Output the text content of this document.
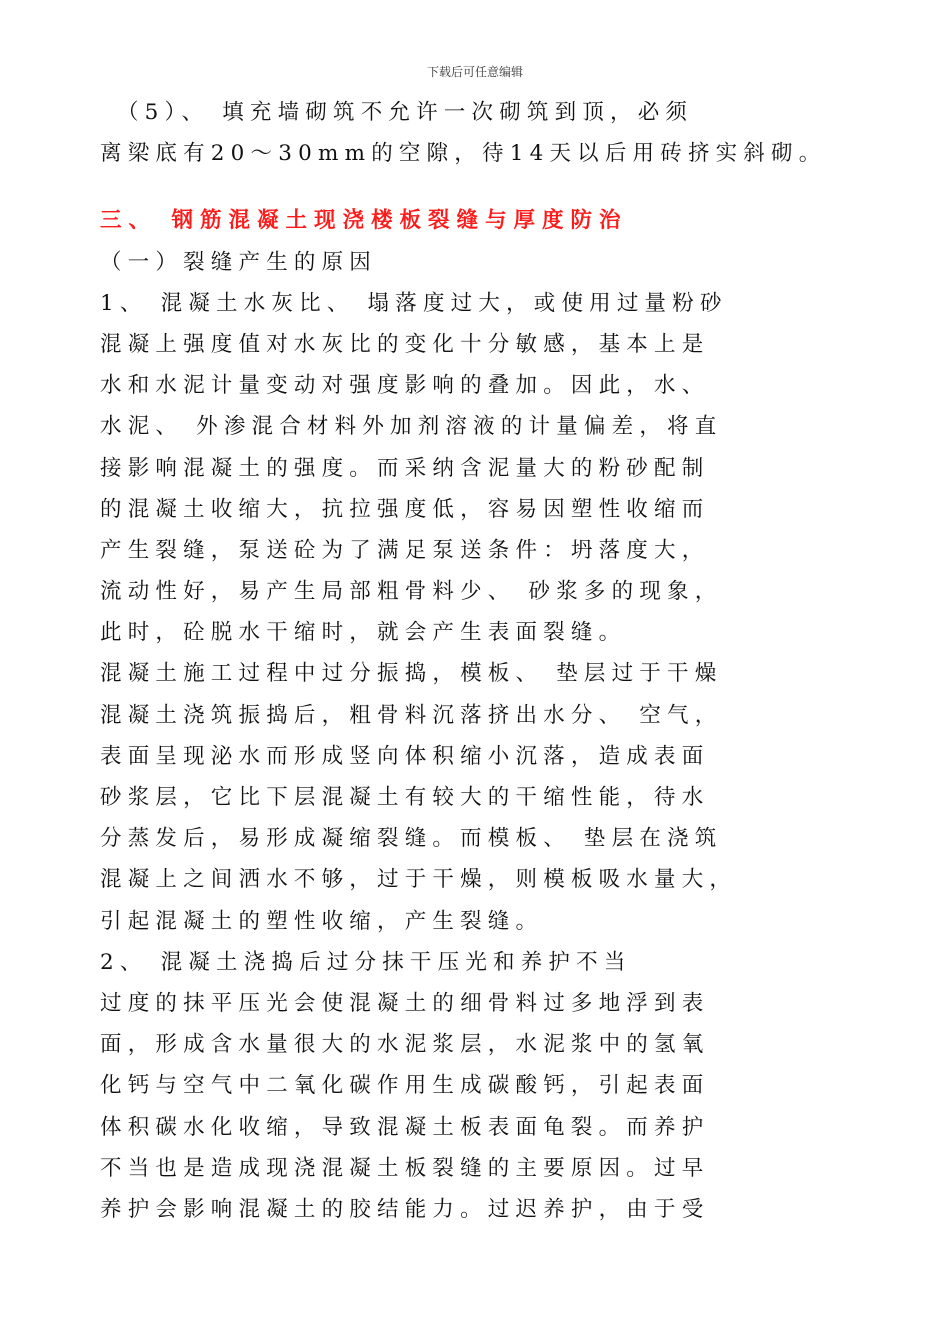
下载后可任意编辑
　（5）、 填充墙砌筑不允许一次砌筑到顶，必须
离梁底有20～30mm的空隙，待14天以后用砖挤实斜砌。
三、 钢筋混凝土现浇楼板裂缝与厚度防治
（一）裂缝产生的原因
1、 混凝土水灰比、 塌落度过大，或使用过量粉砂
混凝上强度值对水灰比的变化十分敏感，基本上是
水和水泥计量变动对强度影响的叠加。因此，水、
水泥、 外渗混合材料外加剂溶液的计量偏差，将直
接影响混凝土的强度。而采纳含泥量大的粉砂配制
的混凝土收缩大，抗拉强度低，容易因塑性收缩而
产生裂缝，泵送砼为了满足泵送条件：坍落度大，
流动性好，易产生局部粗骨料少、 砂浆多的现象，
此时，砼脱水干缩时，就会产生表面裂缝。
混凝土施工过程中过分振捣，模板、 垫层过于干燥
混凝土浇筑振捣后，粗骨料沉落挤出水分、 空气，
表面呈现泌水而形成竖向体积缩小沉落，造成表面
砂浆层，它比下层混凝土有较大的干缩性能，待水
分蒸发后，易形成凝缩裂缝。而模板、 垫层在浇筑
混凝上之间洒水不够，过于干燥，则模板吸水量大，
引起混凝土的塑性收缩，产生裂缝。
2、 混凝土浇捣后过分抹干压光和养护不当
过度的抹平压光会使混凝土的细骨料过多地浮到表
面，形成含水量很大的水泥浆层，水泥浆中的氢氧
化钙与空气中二氧化碳作用生成碳酸钙，引起表面
体积碳水化收缩，导致混凝土板表面龟裂。而养护
不当也是造成现浇混凝土板裂缝的主要原因。过早
养护会影响混凝土的胶结能力。过迟养护，由于受
